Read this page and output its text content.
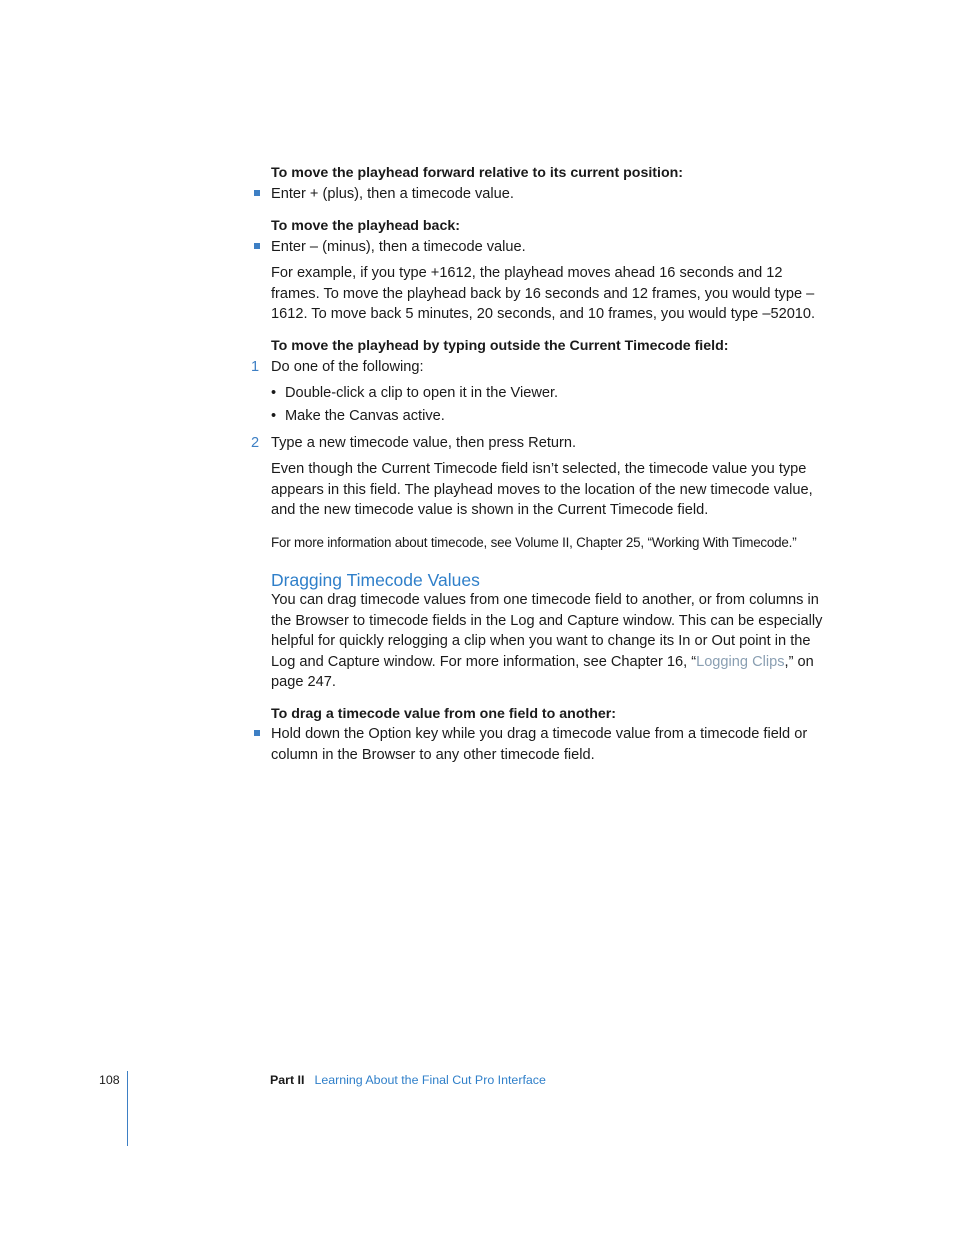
To move the playhead forward relative to its current position:
Enter + (plus), then a timecode value.
To move the playhead back:
Enter – (minus), then a timecode value.
For example, if you type +1612, the playhead moves ahead 16 seconds and 12 frames. To move the playhead back by 16 seconds and 12 frames, you would type –1612. To move back 5 minutes, 20 seconds, and 10 frames, you would type –52010.
To move the playhead by typing outside the Current Timecode field:
1 Do one of the following:
• Double-click a clip to open it in the Viewer.
• Make the Canvas active.
2 Type a new timecode value, then press Return.
Even though the Current Timecode field isn’t selected, the timecode value you type appears in this field. The playhead moves to the location of the new timecode value, and the new timecode value is shown in the Current Timecode field.
For more information about timecode, see Volume II, Chapter 25, “Working With Timecode.”
Dragging Timecode Values
You can drag timecode values from one timecode field to another, or from columns in the Browser to timecode fields in the Log and Capture window. This can be especially helpful for quickly relogging a clip when you want to change its In or Out point in the Log and Capture window. For more information, see Chapter 16, “Logging Clips,” on page 247.
To drag a timecode value from one field to another:
Hold down the Option key while you drag a timecode value from a timecode field or column in the Browser to any other timecode field.
108	Part II Learning About the Final Cut Pro Interface
